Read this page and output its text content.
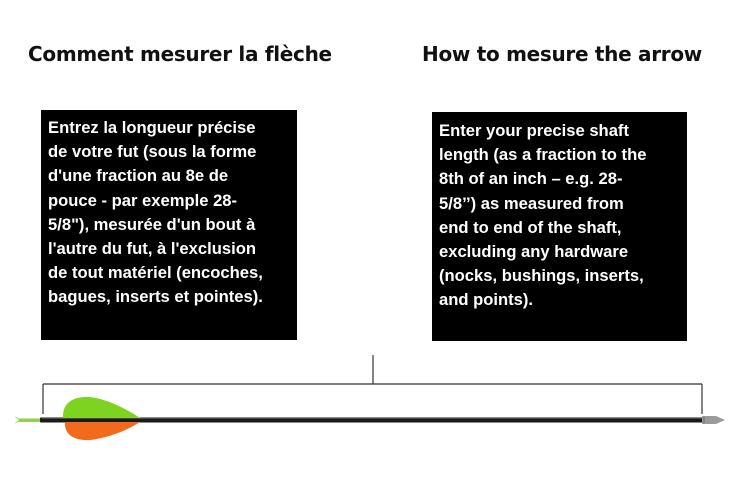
Comment mesurer la flèche	How to mesure the arrow
Entrez la longueur précise
de votre fut (sous la forme
d'une fraction au 8e de
pouce - par exemple 28-
5/8"), mesurée d'un bout à
l'autre du fut, à l'exclusion
de tout matériel (encoches,
bagues, inserts et pointes).
Enter your precise shaft
length (as a fraction to the
8th of an inch – e.g. 28-
5/8’’) as measured from
end to end of the shaft,
excluding any hardware
(nocks, bushings, inserts,
and points).
